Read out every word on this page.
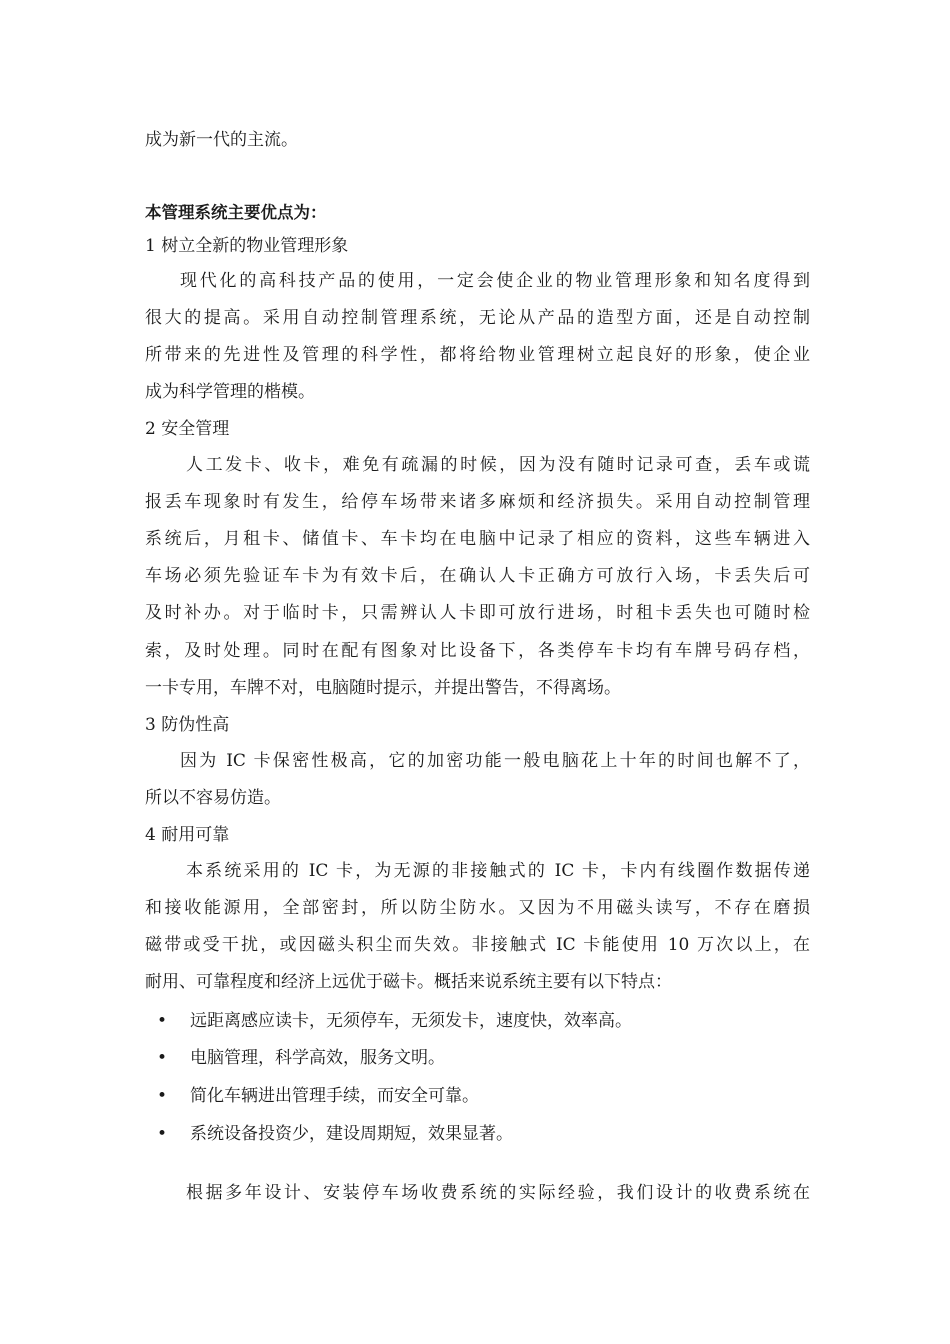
成为新一代的主流。
本管理系统主要优点为：
1 树立全新的物业管理形象
现代化的高科技产品的使用，一定会使企业的物业管理形象和知名度得到
很大的提高。采用自动控制管理系统，无论从产品的造型方面，还是自动控制
所带来的先进性及管理的科学性，都将给物业管理树立起良好的形象，使企业
成为科学管理的楷模。
2 安全管理
人工发卡、收卡，难免有疏漏的时候，因为没有随时记录可查，丢车或谎
报丢车现象时有发生，给停车场带来诸多麻烦和经济损失。采用自动控制管理
系统后，月租卡、储值卡、车卡均在电脑中记录了相应的资料，这些车辆进入
车场必须先验证车卡为有效卡后，在确认人卡正确方可放行入场，卡丢失后可
及时补办。对于临时卡，只需辨认人卡即可放行进场，时租卡丢失也可随时检
索，及时处理。同时在配有图象对比设备下，各类停车卡均有车牌号码存档，
一卡专用，车牌不对，电脑随时提示，并提出警告，不得离场。
3 防伪性高
因为 IC 卡保密性极高，它的加密功能一般电脑花上十年的时间也解不了，
所以不容易仿造。
4 耐用可靠
本系统采用的 IC 卡，为无源的非接触式的 IC 卡，卡内有线圈作数据传递
和接收能源用，全部密封，所以防尘防水。又因为不用磁头读写，不存在磨损
磁带或受干扰，或因磁头积尘而失效。非接触式 IC 卡能使用 10 万次以上，在
耐用、可靠程度和经济上远优于磁卡。概括来说系统主要有以下特点：
• 远距离感应读卡，无须停车，无须发卡，速度快，效率高。
• 电脑管理，科学高效，服务文明。
• 简化车辆进出管理手续，而安全可靠。
• 系统设备投资少，建设周期短，效果显著。
根据多年设计、安装停车场收费系统的实际经验，我们设计的收费系统在
